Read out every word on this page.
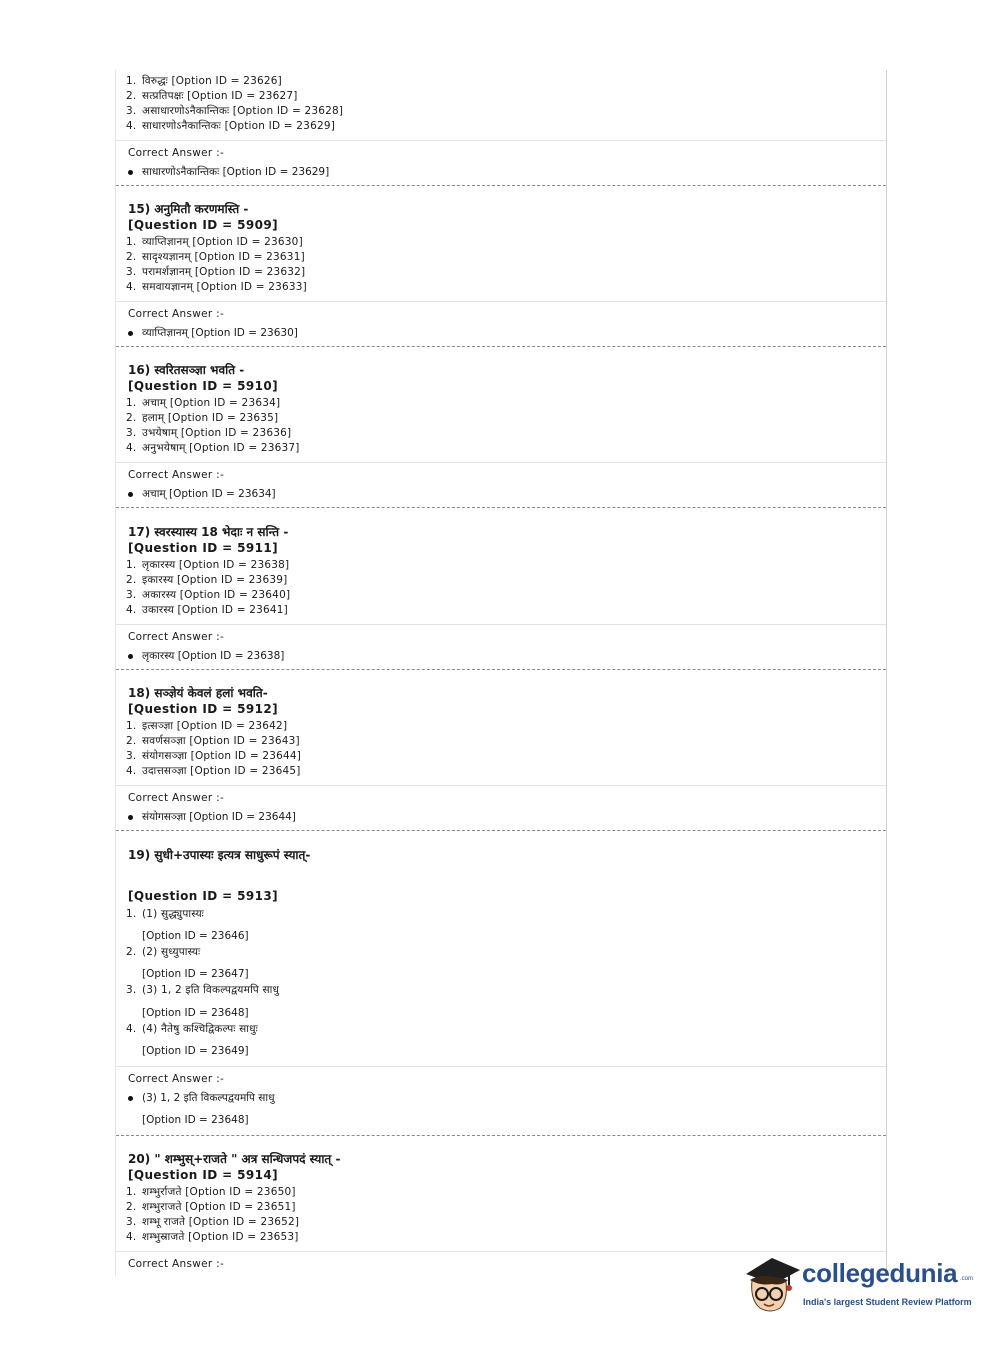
1. विरुद्धः [Option ID = 23626]
2. सत्प्रतिपक्षः [Option ID = 23627]
3. असाधारणोऽनैकान्तिकः [Option ID = 23628]
4. साधारणोऽनैकान्तिकः [Option ID = 23629]
Correct Answer :-
साधारणोऽनैकान्तिकः [Option ID = 23629]
15) अनुमितौ करणमस्ति -
[Question ID = 5909]
1. व्याप्तिज्ञानम् [Option ID = 23630]
2. सादृश्यज्ञानम् [Option ID = 23631]
3. परामर्शज्ञानम् [Option ID = 23632]
4. समवायज्ञानम् [Option ID = 23633]
Correct Answer :-
व्याप्तिज्ञानम् [Option ID = 23630]
16) स्वरितसञ्ज्ञा भवति -
[Question ID = 5910]
1. अचाम् [Option ID = 23634]
2. हलाम् [Option ID = 23635]
3. उभयेषाम् [Option ID = 23636]
4. अनुभयेषाम् [Option ID = 23637]
Correct Answer :-
अचाम् [Option ID = 23634]
17) स्वरस्यास्य 18 भेदाः न सन्ति -
[Question ID = 5911]
1. लृकारस्य [Option ID = 23638]
2. इकारस्य [Option ID = 23639]
3. अकारस्य [Option ID = 23640]
4. उकारस्य [Option ID = 23641]
Correct Answer :-
लृकारस्य [Option ID = 23638]
18) सञ्ज्ञेयं केवलं हलां भवति-
[Question ID = 5912]
1. इत्सञ्ज्ञा [Option ID = 23642]
2. सवर्णसञ्ज्ञा [Option ID = 23643]
3. संयोगसञ्ज्ञा [Option ID = 23644]
4. उदात्तसञ्ज्ञा [Option ID = 23645]
Correct Answer :-
संयोगसञ्ज्ञा [Option ID = 23644]
19) सुधी+उपास्यः इत्यत्र साधुरूपं स्यात्-
[Question ID = 5913]
1. (1) सुद्ध्युपास्यः
[Option ID = 23646]
2. (2) सुध्युपास्यः
[Option ID = 23647]
3. (3) 1, 2 इति विकल्पद्वयमपि साधु
[Option ID = 23648]
4. (4) नैतेषु कश्चिद्विकल्पः साधुः
[Option ID = 23649]
Correct Answer :-
(3) 1, 2 इति विकल्पद्वयमपि साधु
[Option ID = 23648]
20) " शम्भुस्+राजते " अत्र सन्धिजपदं स्यात् -
[Question ID = 5914]
1. शम्भुर्राजते [Option ID = 23650]
2. शम्भुराजते [Option ID = 23651]
3. शम्भू राजते [Option ID = 23652]
4. शम्भुस्राजते [Option ID = 23653]
Correct Answer :-	collegedunia .com
India's largest Student Review Platform
